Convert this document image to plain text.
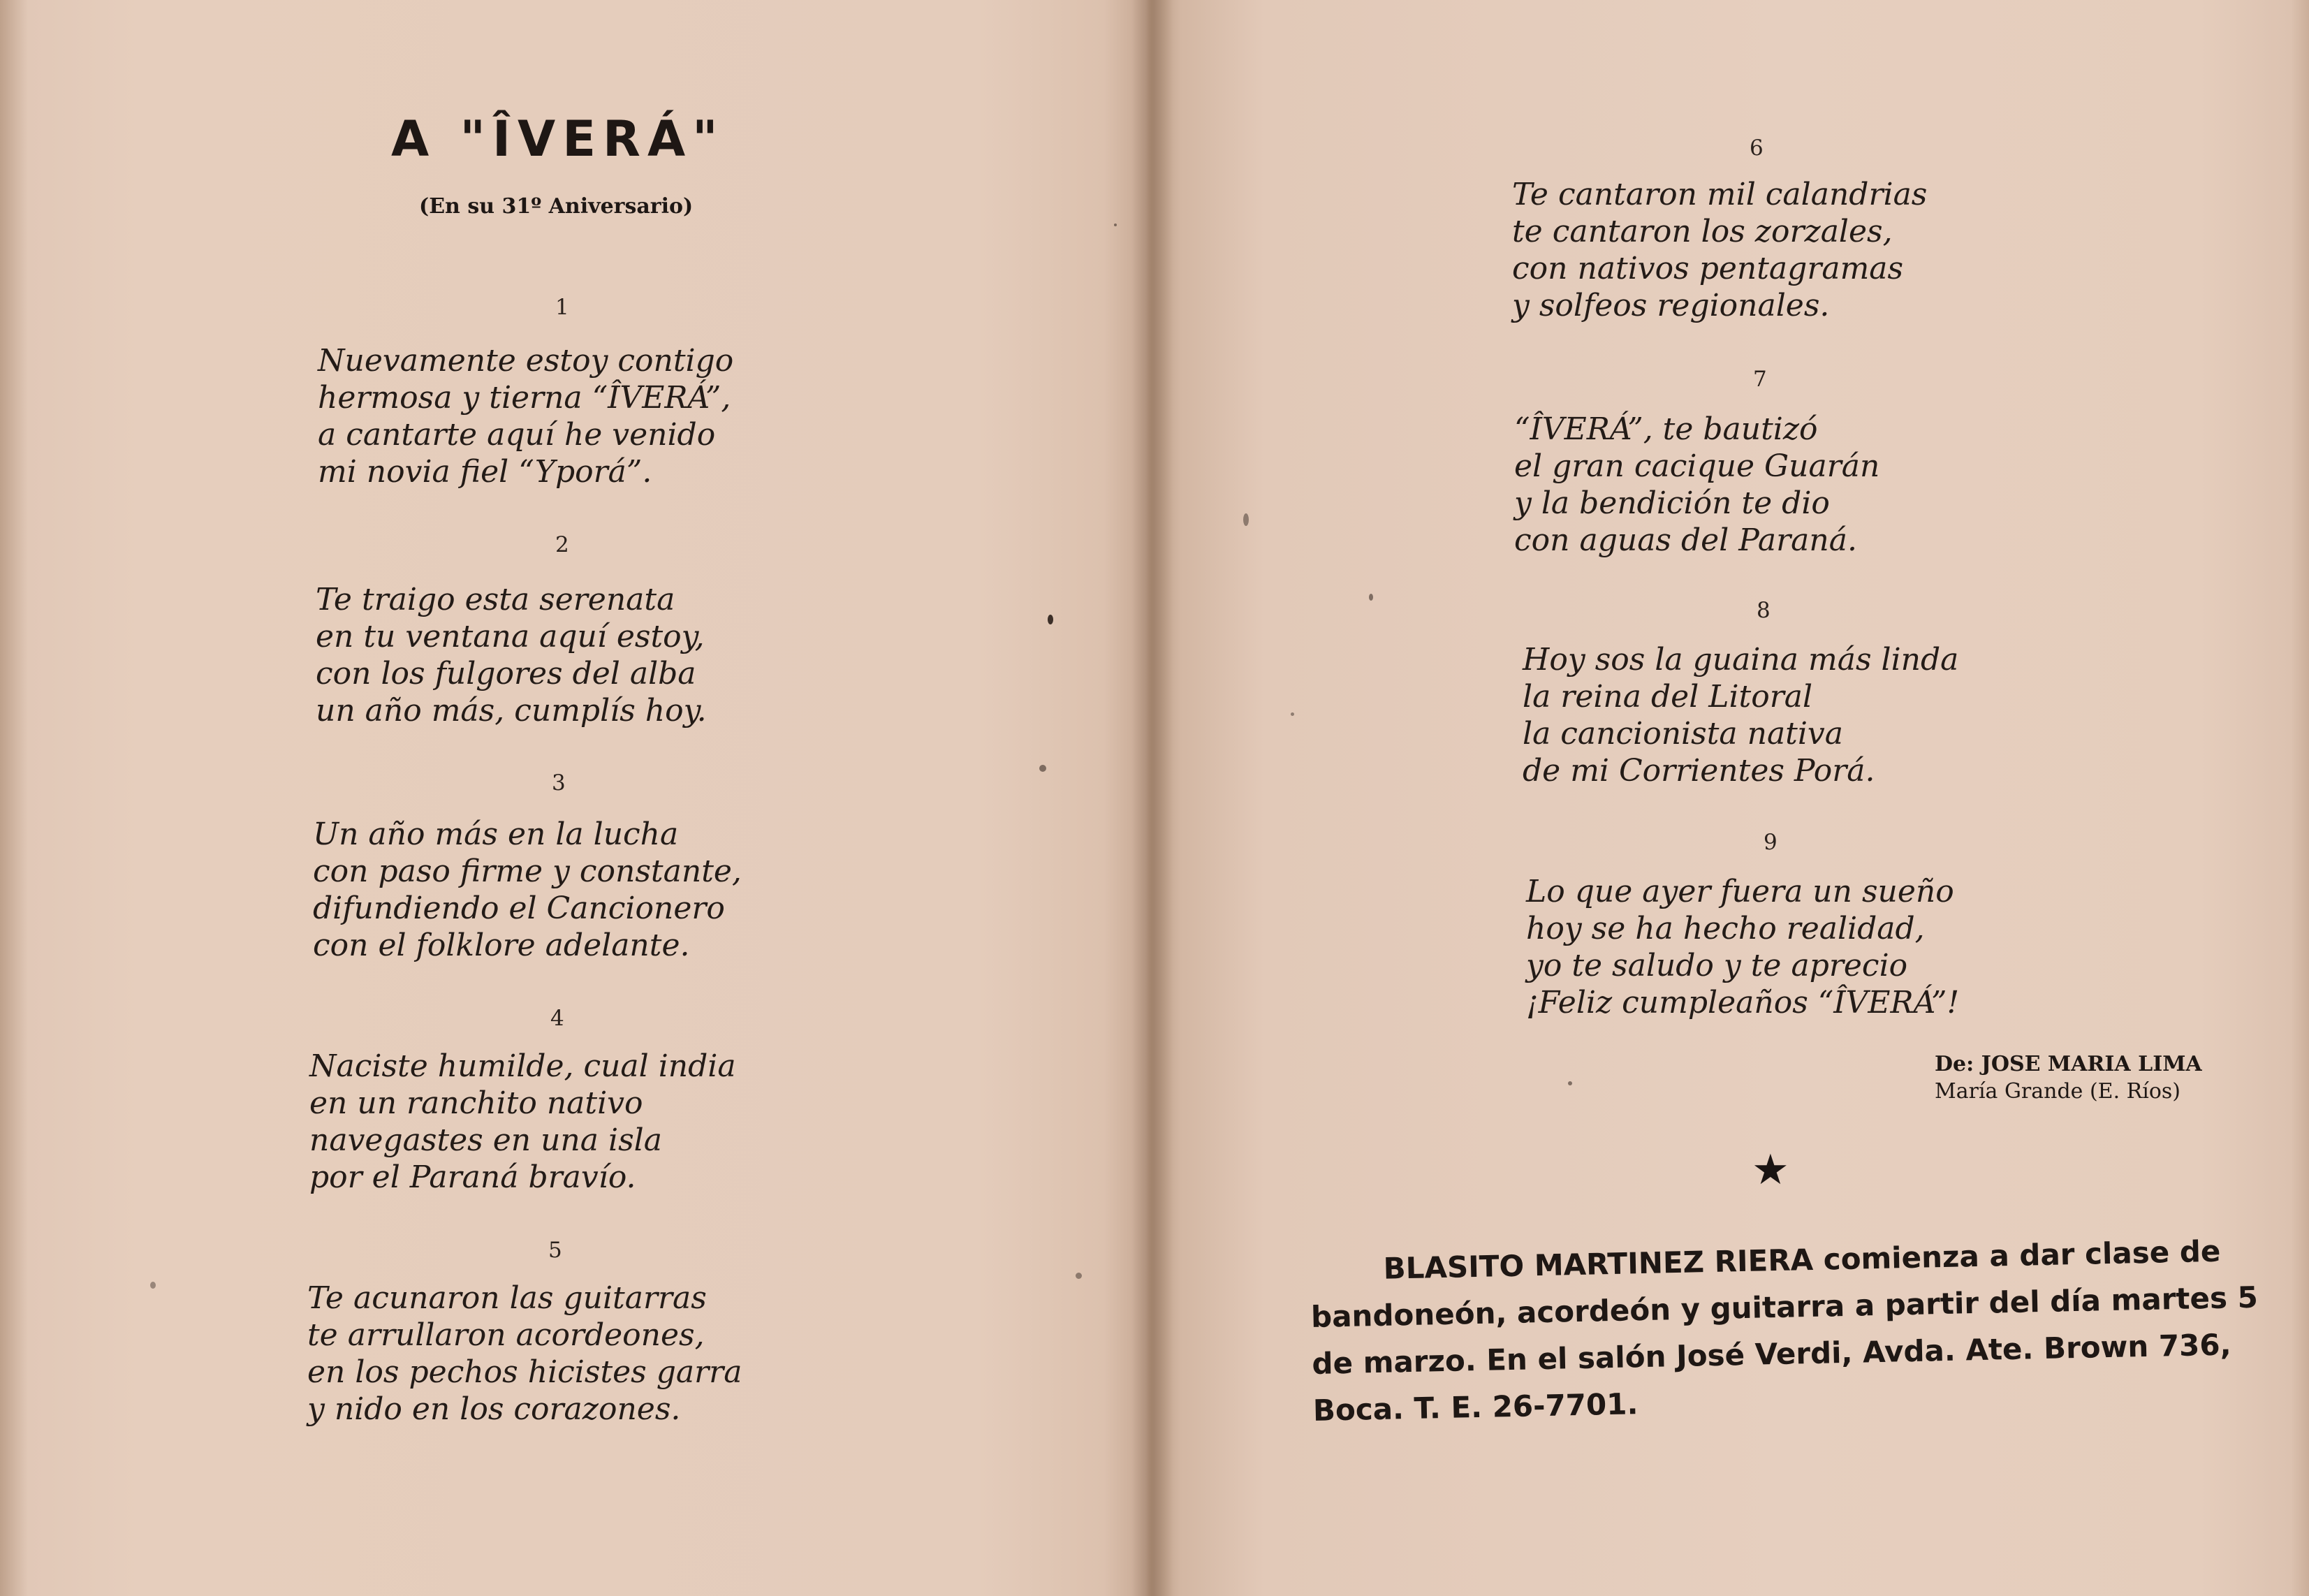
A "ÎVERÁ"
(En su 31º Aniversario)
1
Nuevamente estoy contigo
hermosa y tierna “ÎVERÁ”,
a cantarte aquí he venido
mi novia fiel “Yporá”.
2
Te traigo esta serenata
en tu ventana aquí estoy,
con los fulgores del alba
un año más, cumplís hoy.
3
Un año más en la lucha
con paso firme y constante,
difundiendo el Cancionero
con el folklore adelante.
4
Naciste humilde, cual india
en un ranchito nativo
navegastes en una isla
por el Paraná bravío.
5
Te acunaron las guitarras
te arrullaron acordeones,
en los pechos hicistes garra
y nido en los corazones.
6
Te cantaron mil calandrias
te cantaron los zorzales,
con nativos pentagramas
y solfeos regionales.
7
“ÎVERÁ”, te bautizó
el gran cacique Guarán
y la bendición te dio
con aguas del Paraná.
8
Hoy sos la guaina más linda
la reina del Litoral
la cancionista nativa
de mi Corrientes Porá.
9
Lo que ayer fuera un sueño
hoy se ha hecho realidad,
yo te saludo y te aprecio
¡Feliz cumpleaños “ÎVERÁ”!
De: JOSE MARIA LIMA
María Grande (E. Ríos)
★
BLASITO MARTINEZ RIERA comienza a dar clase de
bandoneón, acordeón y guitarra a partir del día martes 5
de marzo. En el salón José Verdi, Avda. Ate. Brown 736,
Boca. T. E. 26-7701.
